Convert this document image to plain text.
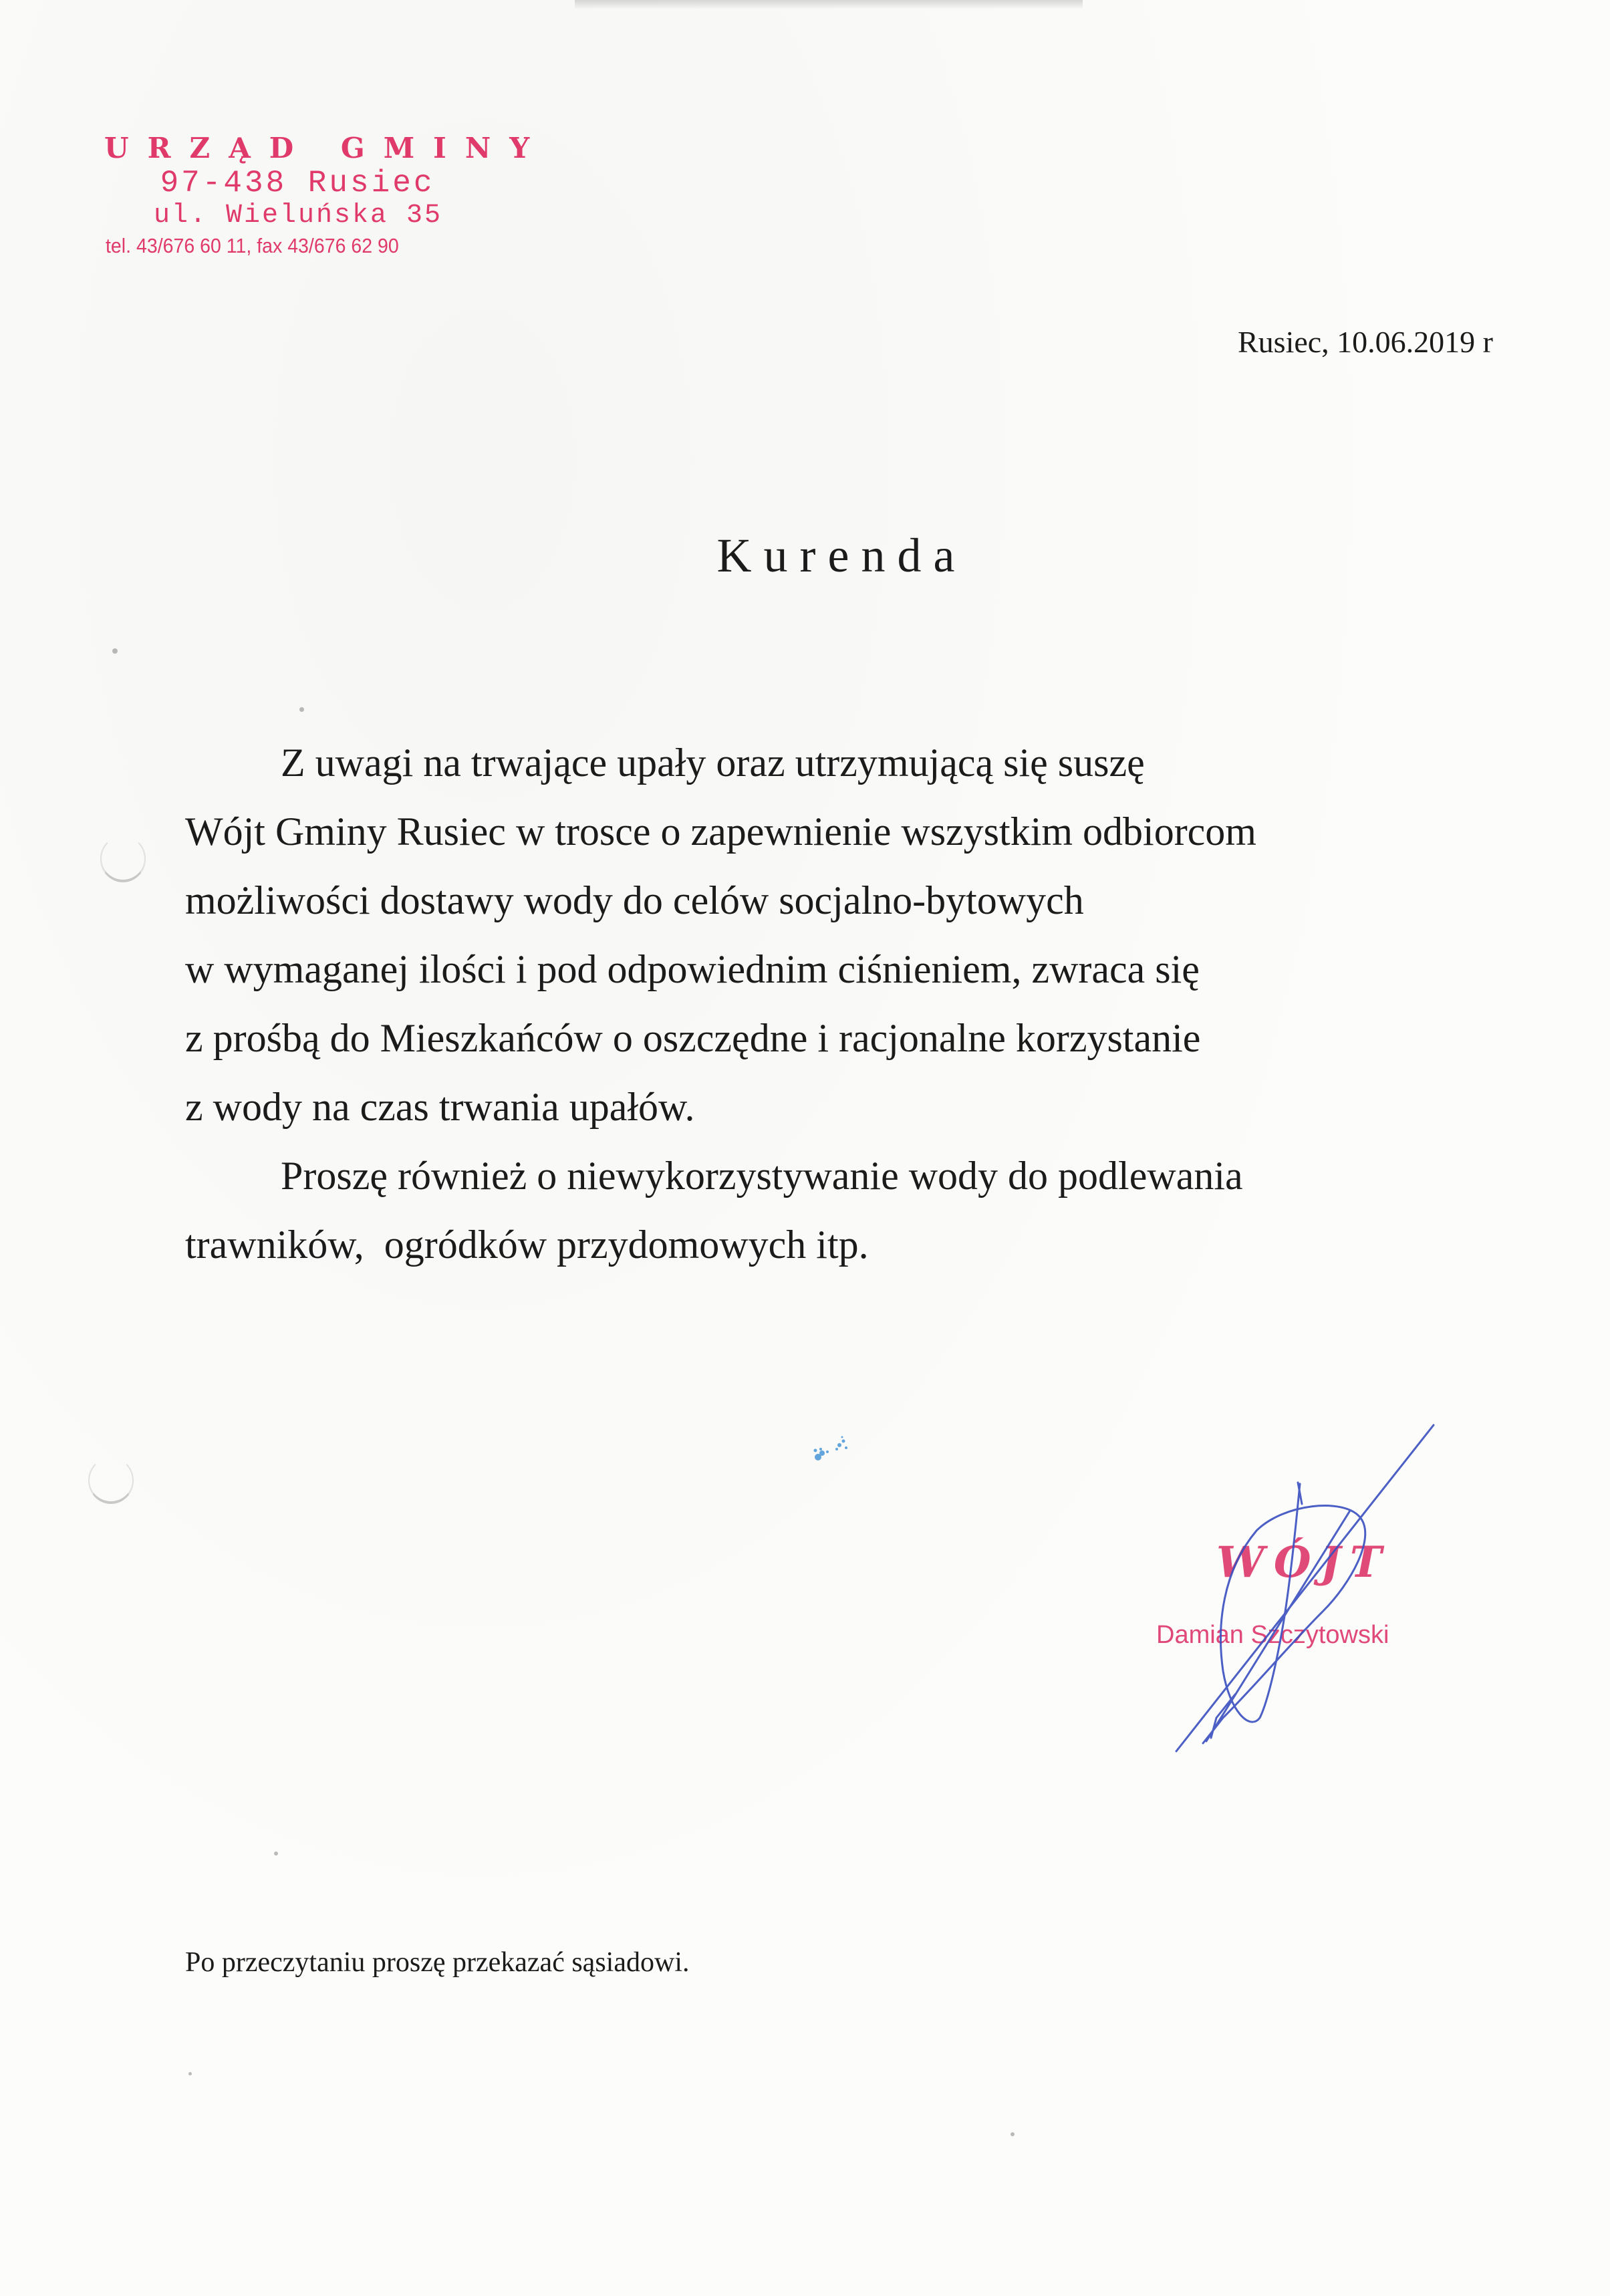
URZĄD GMINY
97-438 Rusiec
ul. Wieluńska 35
tel. 43/676 60 11, fax 43/676 62 90
Rusiec, 10.06.2019 r
Kurenda

Z uwagi na trwające upały oraz utrzymującą się suszę
Wójt Gminy Rusiec w trosce o zapewnienie wszystkim odbiorcom
możliwości dostawy wody do celów socjalno-bytowych
w wymaganej ilości i pod odpowiednim ciśnieniem, zwraca się
z prośbą do Mieszkańców o oszczędne i racjonalne korzystanie
z wody na czas trwania upałów.

Proszę również o niewykorzystywanie wody do podlewania
trawników,  ogródków przydomowych itp.

WÓJT
Damian Szczytowski
Po przeczytaniu proszę przekazać sąsiadowi.
